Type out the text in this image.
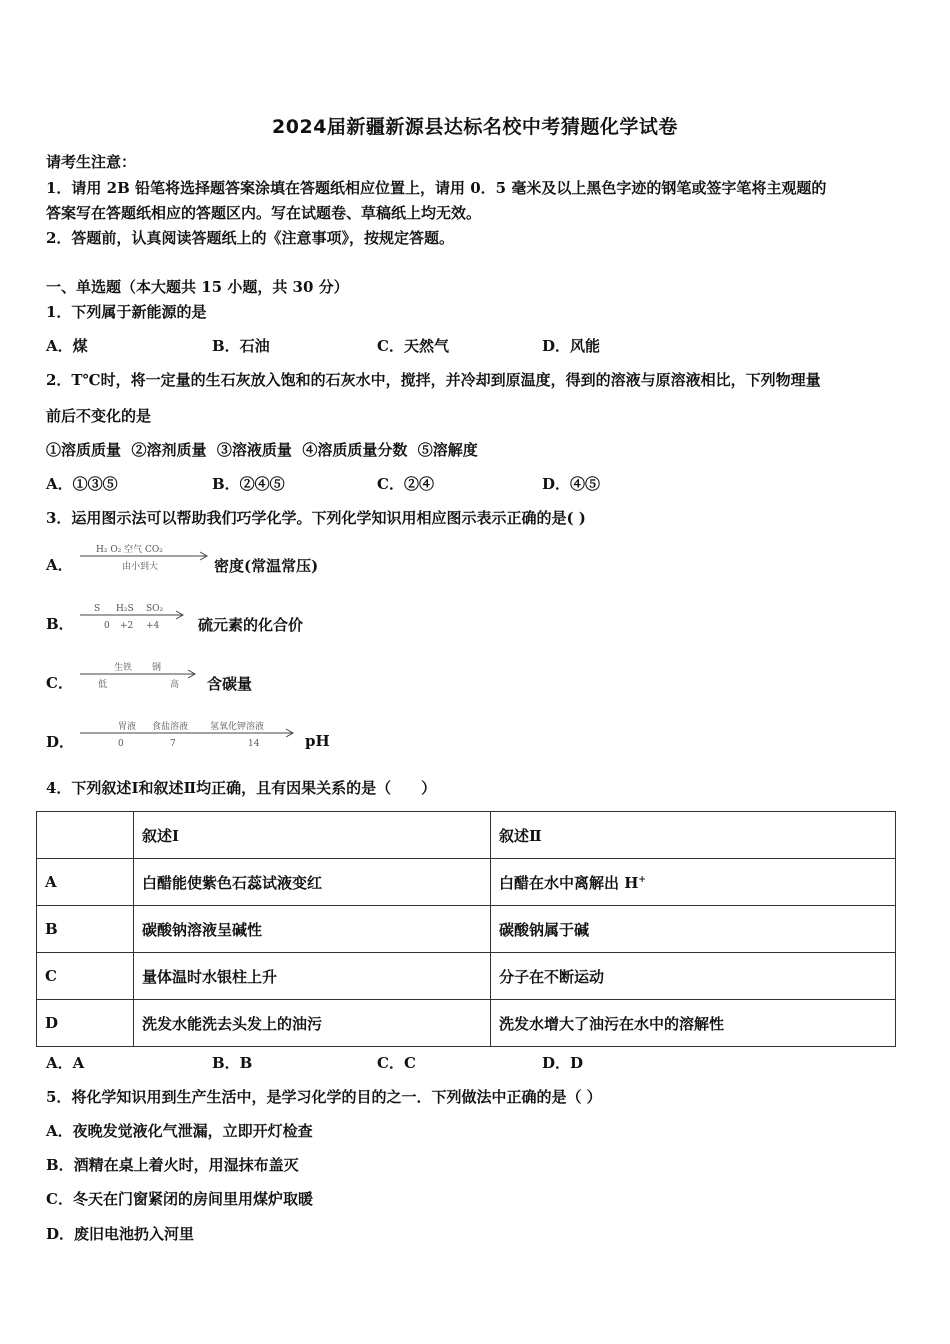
2024届新疆新源县达标名校中考猜题化学试卷
请考生注意：
1．请用 2B 铅笔将选择题答案涂填在答题纸相应位置上，请用 0．5 毫米及以上黑色字迹的钢笔或签字笔将主观题的
答案写在答题纸相应的答题区内。写在试题卷、草稿纸上均无效。
2．答题前，认真阅读答题纸上的《注意事项》，按规定答题。
一、单选题（本大题共 15 小题，共 30 分）
1．下列属于新能源的是
A．煤	B．石油	C．天然气	D．风能
2．T℃时，将一定量的生石灰放入饱和的石灰水中，搅拌，并冷却到原温度，得到的溶液与原溶液相比，下列物理量
前后不变化的是
①溶质质量  ②溶剂质量  ③溶液质量  ④溶质质量分数  ⑤溶解度
A．①③⑤	B．②④⑤	C．②④	D．④⑤
3．运用图示法可以帮助我们巧学化学。下列化学知识用相应图示表示正确的是( )
A．
H₂ O₂ 空气 CO₂
由小到大	密度(常温常压)
B．
S H₂S SO₂
0 +2 +4	硫元素的化合价
C．
生铁 钢
低	高 含碳量
D．
胃液 食盐溶液 氢氧化钾溶液
0	7	14	pH
4．下列叙述Ⅰ和叙述Ⅱ均正确，且有因果关系的是（　　）
	叙述Ⅰ	叙述Ⅱ
A	白醋能使紫色石蕊试液变红	白醋在水中离解出 H+
B	碳酸钠溶液呈碱性	碳酸钠属于碱
C	量体温时水银柱上升	分子在不断运动
D	洗发水能洗去头发上的油污	洗发水增大了油污在水中的溶解性
A．A	B．B	C．C	D．D
5．将化学知识用到生产生活中，是学习化学的目的之一．下列做法中正确的是（ ）
A．夜晚发觉液化气泄漏，立即开灯检查
B．酒精在桌上着火时，用湿抹布盖灭
C．冬天在门窗紧闭的房间里用煤炉取暖
D．废旧电池扔入河里
